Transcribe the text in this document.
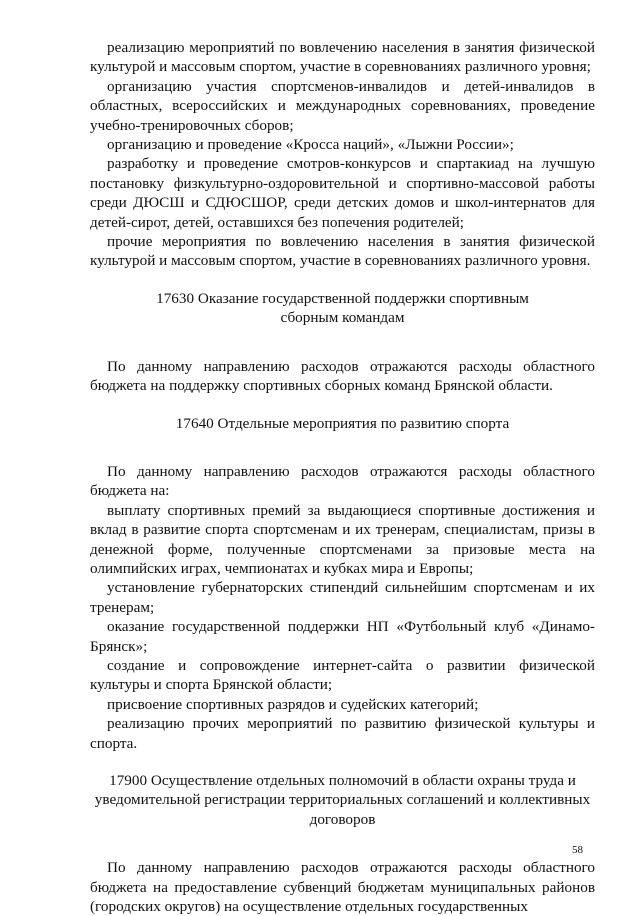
реализацию мероприятий по вовлечению населения в занятия физической культурой и массовым спортом, участие в соревнованиях различного уровня;

организацию участия спортсменов-инвалидов и детей-инвалидов в областных, всероссийских и международных соревнованиях, проведение учебно-тренировочных сборов;

организацию и проведение «Кросса наций», «Лыжни России»;

разработку и проведение смотров-конкурсов и спартакиад на лучшую постановку физкультурно-оздоровительной и спортивно-массовой работы среди ДЮСШ и СДЮСШОР, среди детских домов и школ-интернатов для детей-сирот, детей, оставшихся без попечения родителей;

прочие мероприятия по вовлечению населения в занятия физической культурой и массовым спортом, участие в соревнованиях различного уровня.

17630 Оказание государственной поддержки спортивным

сборным командам

По данному направлению расходов отражаются расходы областного бюджета на поддержку спортивных сборных команд Брянской области.

17640 Отдельные мероприятия по развитию спорта

По данному направлению расходов отражаются расходы областного бюджета на:

выплату спортивных премий за выдающиеся спортивные достижения и вклад в развитие спорта спортсменам и их тренерам, специалистам, призы в денежной форме, полученные спортсменами за призовые места на олимпийских играх, чемпионатах и кубках мира и Европы;

установление губернаторских стипендий сильнейшим спортсменам и их тренерам;

оказание государственной поддержки НП «Футбольный клуб «Динамо-Брянск»;

создание и сопровождение интернет-сайта о развитии физической культуры и спорта Брянской области;

присвоение спортивных разрядов и судейских категорий;

реализацию прочих мероприятий по развитию физической культуры и спорта.

17900 Осуществление отдельных полномочий в области охраны труда и

уведомительной регистрации территориальных соглашений и коллективных

договоров

По данному направлению расходов отражаются расходы областного бюджета на предоставление субвенций бюджетам муниципальных районов (городских округов) на осуществление отдельных государственных

58
